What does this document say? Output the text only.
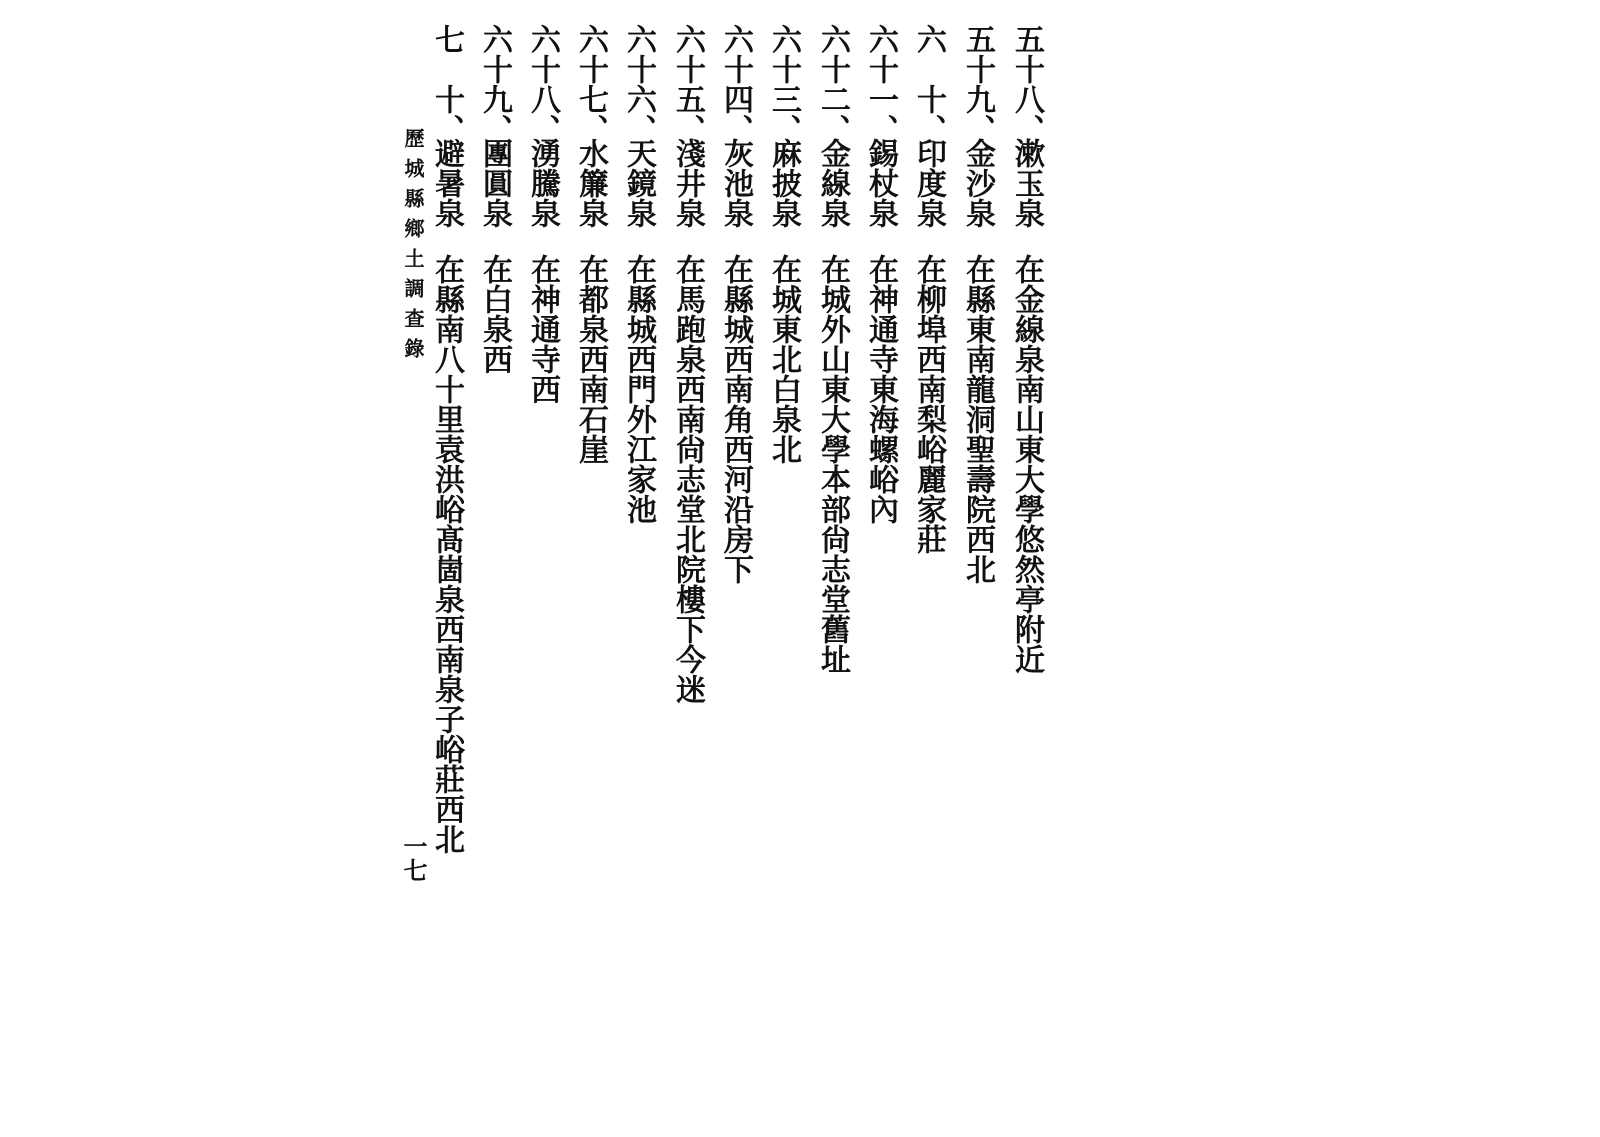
五十八、
漱玉泉
在金線泉南山東大學悠然亭附近
五十九、
金沙泉
在縣東南龍洞聖壽院西北
六　十、
印度泉
在柳埠西南梨峪麗家莊
六十一、
錫杖泉
在神通寺東海螺峪內
六十二、
金線泉
在城外山東大學本部尙志堂舊址
六十三、
麻披泉
在城東北白泉北
六十四、
灰池泉
在縣城西南角西河沿房下
六十五、
淺井泉
在馬跑泉西南尙志堂北院樓下今迷
六十六、
天鏡泉
在縣城西門外江家池
六十七、
水簾泉
在都泉西南石崖
六十八、
湧騰泉
在神通寺西
六十九、
團圓泉
在白泉西
七　十、
避暑泉
在縣南八十里袁洪峪髙崮泉西南泉子峪莊西北
歷城縣鄉土調查錄
一七
